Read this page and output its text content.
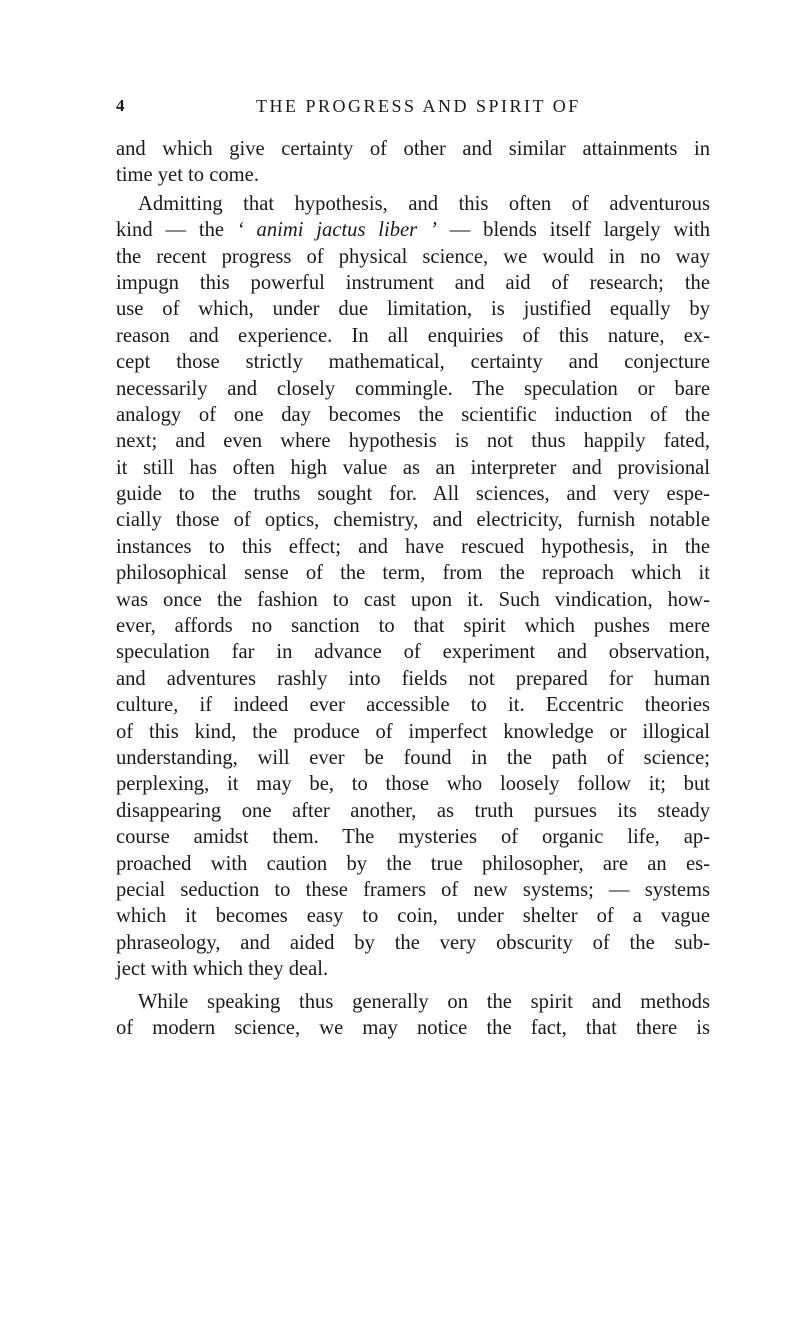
4	THE PROGRESS AND SPIRIT OF
and which give certainty of other and similar attainments in
time yet to come.
Admitting that hypothesis, and this often of adventurous
kind — the ‘ animi jactus liber ’ — blends itself largely with
the recent progress of physical science, we would in no way
impugn this powerful instrument and aid of research; the
use of which, under due limitation, is justified equally by
reason and experience. In all enquiries of this nature, ex-
cept those strictly mathematical, certainty and conjecture
necessarily and closely commingle. The speculation or bare
analogy of one day becomes the scientific induction of the
next; and even where hypothesis is not thus happily fated,
it still has often high value as an interpreter and provisional
guide to the truths sought for. All sciences, and very espe-
cially those of optics, chemistry, and electricity, furnish notable
instances to this effect; and have rescued hypothesis, in the
philosophical sense of the term, from the reproach which it
was once the fashion to cast upon it. Such vindication, how-
ever, affords no sanction to that spirit which pushes mere
speculation far in advance of experiment and observation,
and adventures rashly into fields not prepared for human
culture, if indeed ever accessible to it. Eccentric theories
of this kind, the produce of imperfect knowledge or illogical
understanding, will ever be found in the path of science;
perplexing, it may be, to those who loosely follow it; but
disappearing one after another, as truth pursues its steady
course amidst them. The mysteries of organic life, ap-
proached with caution by the true philosopher, are an es-
pecial seduction to these framers of new systems; — systems
which it becomes easy to coin, under shelter of a vague
phraseology, and aided by the very obscurity of the sub-
ject with which they deal.
While speaking thus generally on the spirit and methods
of modern science, we may notice the fact, that there is
